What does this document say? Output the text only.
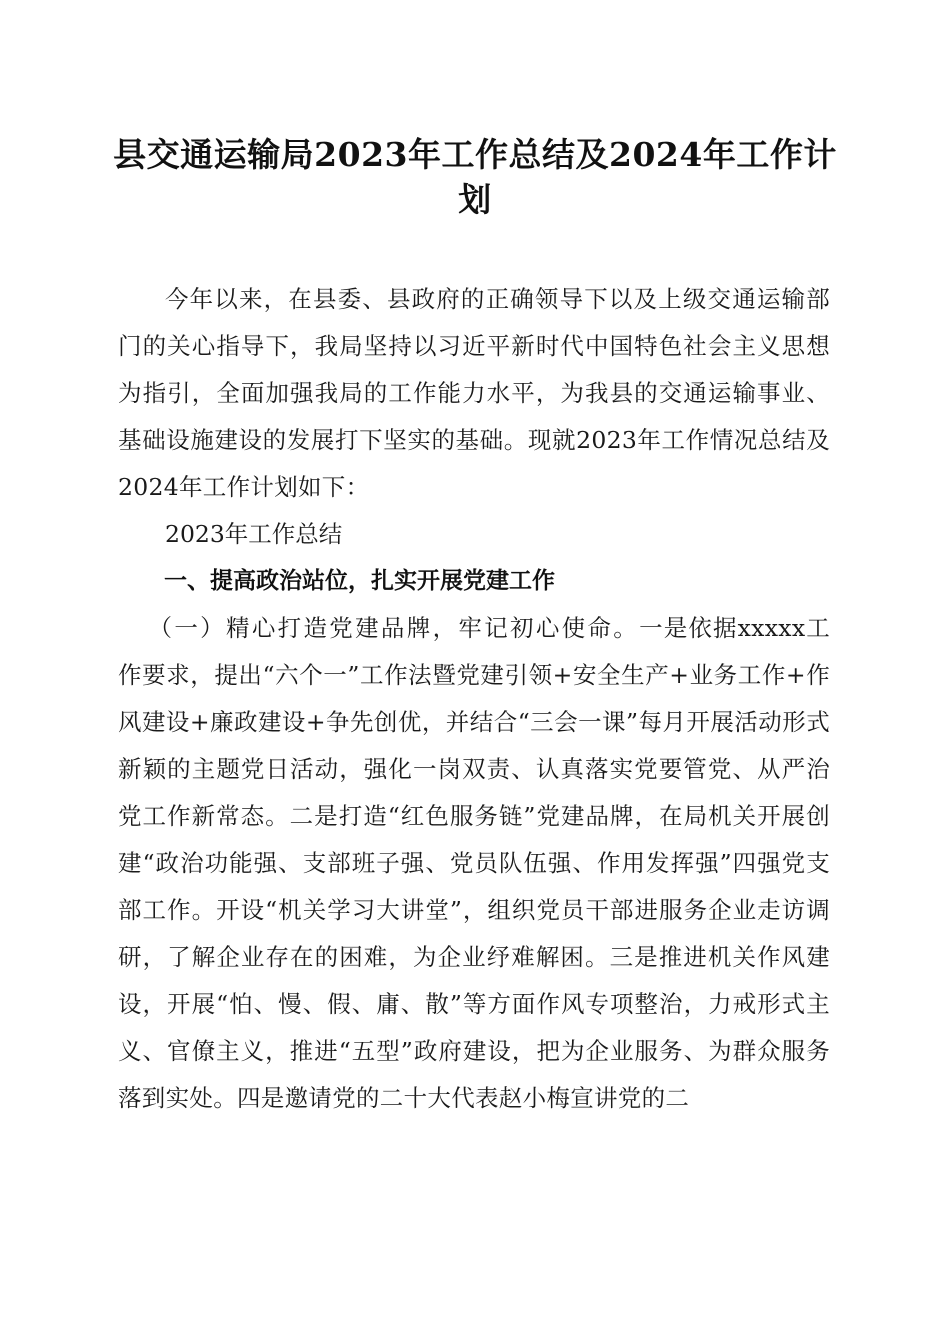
县交通运输局2023年工作总结及2024年工作计划

今年以来，在县委、县政府的正确领导下以及上级交通运输部门的关心指导下，我局坚持以习近平新时代中国特色社会主义思想为指引，全面加强我局的工作能力水平，为我县的交通运输事业、基础设施建设的发展打下坚实的基础。现就2023年工作情况总结及2024年工作计划如下：

2023年工作总结

一、提高政治站位，扎实开展党建工作

（一）精心打造党建品牌，牢记初心使命。一是依据xxxxx工作要求，提出“六个一”工作法暨党建引领+安全生产+业务工作+作风建设+廉政建设+争先创优，并结合“三会一课”每月开展活动形式新颖的主题党日活动，强化一岗双责、认真落实党要管党、从严治党工作新常态。二是打造“红色服务链”党建品牌，在局机关开展创建“政治功能强、支部班子强、党员队伍强、作用发挥强”四强党支部工作。开设“机关学习大讲堂”，组织党员干部进服务企业走访调研，了解企业存在的困难，为企业纾难解困。三是推进机关作风建设，开展“怕、慢、假、庸、散”等方面作风专项整治，力戒形式主义、官僚主义，推进“五型”政府建设，把为企业服务、为群众服务落到实处。四是邀请党的二十大代表赵小梅宣讲党的二
